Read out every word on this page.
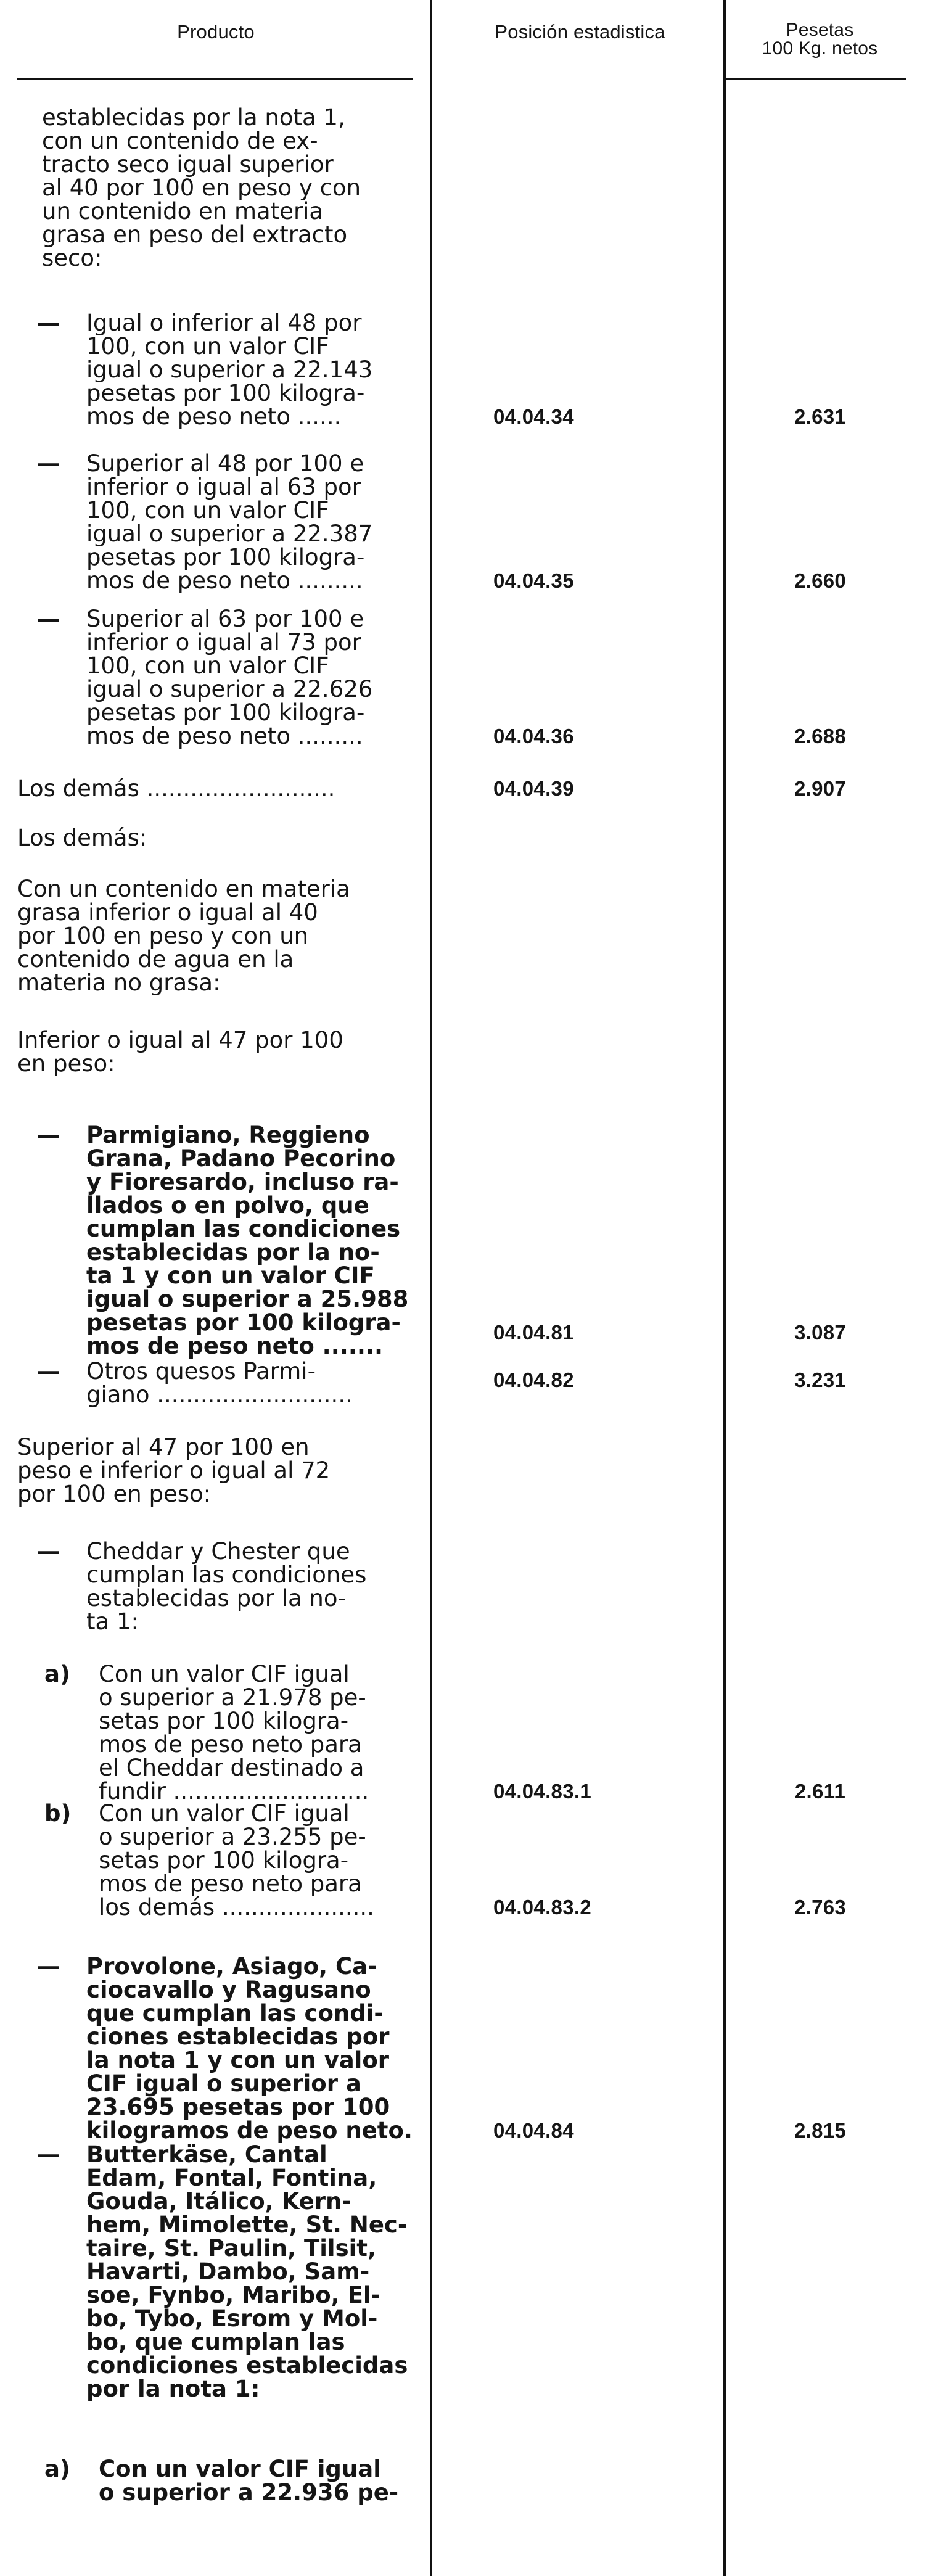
Producto	Posición estadistica	Pesetas
100 Kg. netos
establecidas por la nota 1,
con un contenido de ex-
tracto seco igual superior
al 40 por 100 en peso y con
un contenido en materia
grasa en peso del extracto
seco:
— Igual o inferior al 48 por
100, con un valor CIF
igual o superior a 22.143
pesetas por 100 kilogra-
mos de peso neto ......	04.04.34	2.631
— Superior al 48 por 100 e
inferior o igual al 63 por
100, con un valor CIF
igual o superior a 22.387
pesetas por 100 kilogra-
mos de peso neto .........	04.04.35	2.660
— Superior al 63 por 100 e
inferior o igual al 73 por
100, con un valor CIF
igual o superior a 22.626
pesetas por 100 kilogra-
mos de peso neto .........	04.04.36	2.688
Los demás ..........................	04.04.39	2.907
Los demás:
Con un contenido en materia
grasa inferior o igual al 40
por 100 en peso y con un
contenido de agua en la
materia no grasa:
Inferior o igual al 47 por 100
en peso:
— Parmigiano, Reggieno
Grana, Padano Pecorino
y Fioresardo, incluso ra-
llados o en polvo, que
cumplan las condiciones
establecidas por la no-
ta 1 y con un valor CIF
igual o superior a 25.988
pesetas por 100 kilogra-
mos de peso neto .......
04.04.81	3.087
— Otros quesos Parmi-
giano ...........................
04.04.82	3.231
Superior al 47 por 100 en
peso e inferior o igual al 72
por 100 en peso:
— Cheddar y Chester que
cumplan las condiciones
establecidas por la no-
ta 1:
a) Con un valor CIF igual
o superior a 21.978 pe-
setas por 100 kilogra-
mos de peso neto para
el Cheddar destinado a
fundir ...........................	04.04.83.1	2.611
b) Con un valor CIF igual
o superior a 23.255 pe-
setas por 100 kilogra-
mos de peso neto para
los demás .....................	04.04.83.2	2.763
— Provolone, Asiago, Ca-
ciocavallo y Ragusano
que cumplan las condi-
ciones establecidas por
la nota 1 y con un valor
CIF igual o superior a
23.695 pesetas por 100
kilogramos de peso neto.	04.04.84	2.815
— Butterkäse, Cantal
Edam, Fontal, Fontina,
Gouda, Itálico, Kern-
hem, Mimolette, St. Nec-
taire, St. Paulin, Tilsit,
Havarti, Dambo, Sam-
soe, Fynbo, Maribo, El-
bo, Tybo, Esrom y Mol-
bo, que cumplan las
condiciones establecidas
por la nota 1:
a) Con un valor CIF igual
o superior a 22.936 pe-
